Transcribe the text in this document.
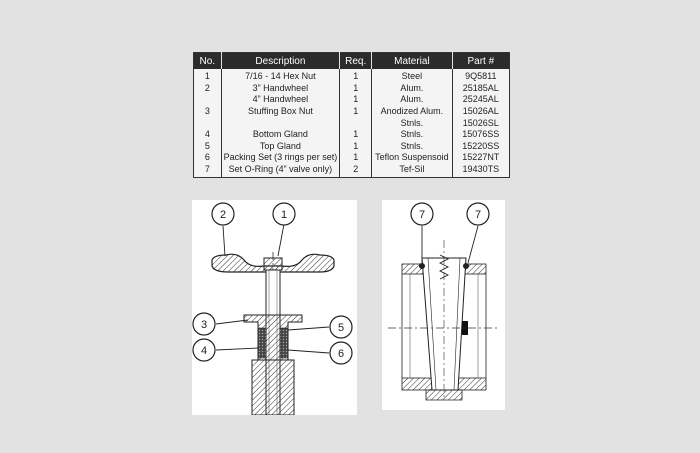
No.	Description	Req.	Material	Part #
1	7/16 - 14 Hex Nut	1	Steel	9Q5811
2	3” Handwheel	1	Alum.	25185AL
	4” Handwheel	1	Alum.	25245AL
3	Stuffing Box Nut	1	Anodized Alum.	15026AL
			Stnls.	15026SL
4	Bottom Gland	1	Stnls.	15076SS
5	Top Gland	1	Stnls.	15220SS
6	Packing Set (3 rings per set)	1	Teflon Suspensoid	15227NT
7	Set O-Ring (4” valve only)	2	Tef-Sil	19430TS
2	1
3	5
4	6
7	7
